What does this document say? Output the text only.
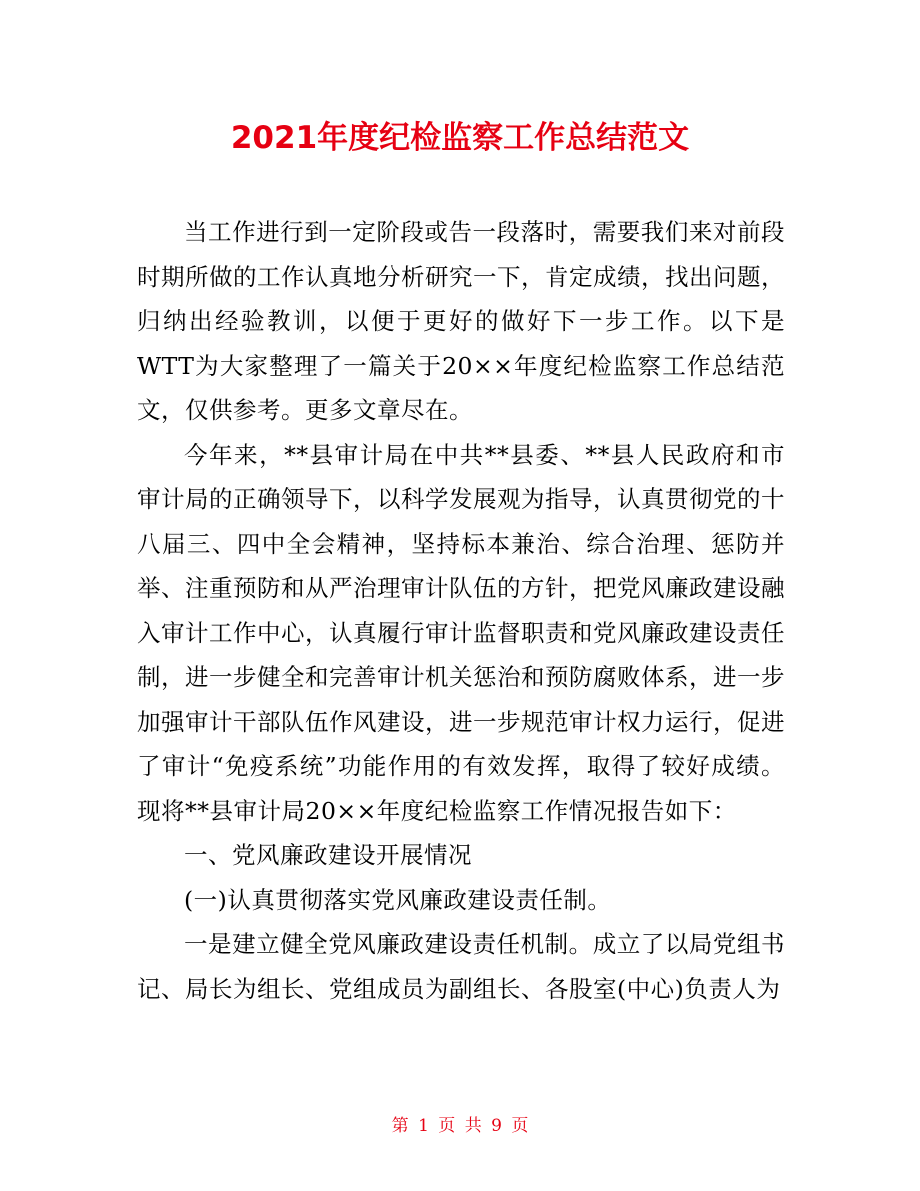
2021年度纪检监察工作总结范文

当工作进行到一定阶段或告一段落时，需要我们来对前段时期所做的工作认真地分析研究一下，肯定成绩，找出问题，归纳出经验教训，以便于更好的做好下一步工作。以下是WTT为大家整理了一篇关于20××年度纪检监察工作总结范文，仅供参考。更多文章尽在。

今年来，**县审计局在中共**县委、**县人民政府和市审计局的正确领导下，以科学发展观为指导，认真贯彻党的十八届三、四中全会精神，坚持标本兼治、综合治理、惩防并举、注重预防和从严治理审计队伍的方针，把党风廉政建设融入审计工作中心，认真履行审计监督职责和党风廉政建设责任制，进一步健全和完善审计机关惩治和预防腐败体系，进一步加强审计干部队伍作风建设，进一步规范审计权力运行，促进了审计“免疫系统”功能作用的有效发挥，取得了较好成绩。现将**县审计局20××年度纪检监察工作情况报告如下：

一、党风廉政建设开展情况

(一)认真贯彻落实党风廉政建设责任制。

一是建立健全党风廉政建设责任机制。成立了以局党组书记、局长为组长、党组成员为副组长、各股室(中心)负责人为

第 1 页 共 9 页
